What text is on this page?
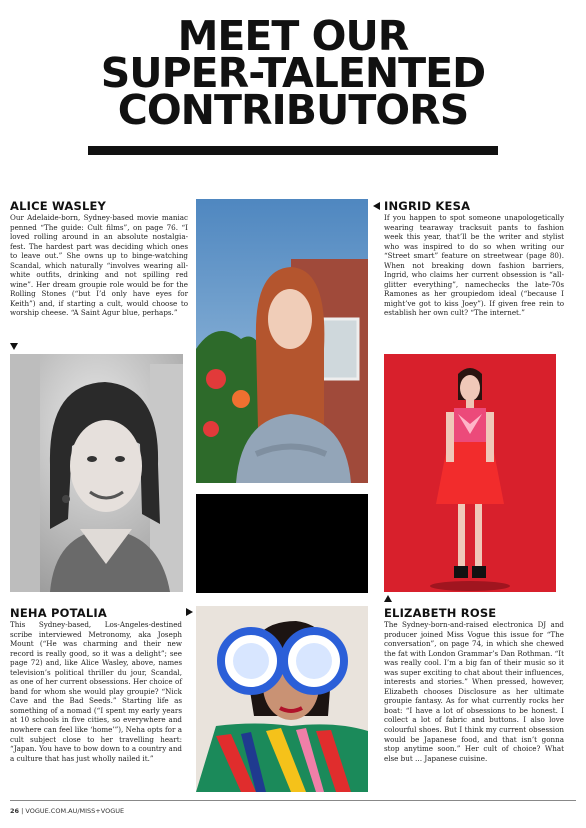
MEET OUR
SUPER-TALENTED
CONTRIBUTORS
ALICE WASLEY
Our Adelaide-born, Sydney-based movie maniac penned “The guide: Cult films”, on page 76. “I loved rolling around in an absolute nostalgia-fest. The hardest part was deciding which ones to leave out.” She owns up to binge-watching Scandal, which naturally “involves wearing all-white outfits, drinking and not spilling red wine”. Her dream groupie role would be for the Rolling Stones (“but I’d only have eyes for Keith”) and, if starting a cult, would choose to worship cheese. “A Saint Agur blue, perhaps.”
INGRID KESA
If you happen to spot someone unapologetically wearing tearaway tracksuit pants to fashion week this year, that’ll be the writer and stylist who was inspired to do so when writing our “Street smart” feature on streetwear (page 80). When not breaking down fashion barriers, Ingrid, who claims her current obsession is “all-glitter everything”, namechecks the late-70s Ramones as her groupiedom ideal (“because I might’ve got to kiss Joey”). If given free rein to establish her own cult? “The internet.”
NEHA POTALIA
This Sydney-based, Los-Angeles-destined scribe interviewed Metronomy, aka Joseph Mount (“He was charming and their new record is really good, so it was a delight”; see page 72) and, like Alice Wasley, above, names television’s political thriller du jour, Scandal, as one of her current obsessions. Her choice of band for whom she would play groupie? “Nick Cave and the Bad Seeds.” Starting life as something of a nomad (“I spent my early years at 10 schools in five cities, so everywhere and nowhere can feel like ‘home’”), Neha opts for a cult subject close to her travelling heart: “Japan. You have to bow down to a country and a culture that has just wholly nailed it.”
ELIZABETH ROSE
The Sydney-born-and-raised electronica DJ and producer joined Miss Vogue this issue for “The conversation”, on page 74, in which she chewed the fat with London Grammar’s Dan Rothman. “It was really cool. I’m a big fan of their music so it was super exciting to chat about their influences, interests and stories.” When pressed, however, Elizabeth chooses Disclosure as her ultimate groupie fantasy. As for what currently rocks her boat: “I have a lot of obsessions to be honest. I collect a lot of fabric and buttons. I also love colourful shoes. But I think my current obsession would be Japanese food, and that isn’t gonna stop anytime soon.” Her cult of choice? What else but … Japanese cuisine.
26 | VOGUE.COM.AU/MISS+VOGUE
